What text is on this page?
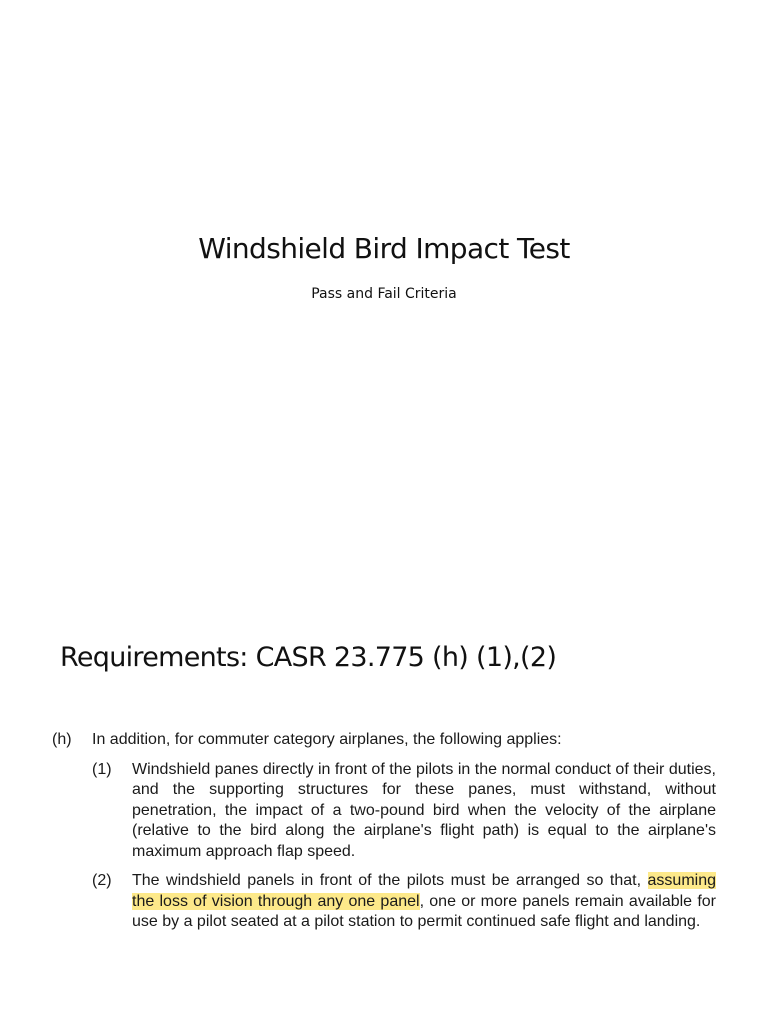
Windshield Bird Impact Test
Pass and Fail Criteria
Requirements: CASR 23.775 (h) (1),(2)
(h)	In addition, for commuter category airplanes, the following applies:
(1)	Windshield panes directly in front of the pilots in the normal conduct of their duties, and the supporting structures for these panes, must withstand, without penetration, the impact of a two-pound bird when the velocity of the airplane (relative to the bird along the airplane's flight path) is equal to the airplane's maximum approach flap speed.
(2)	The windshield panels in front of the pilots must be arranged so that, assuming the loss of vision through any one panel, one or more panels remain available for use by a pilot seated at a pilot station to permit continued safe flight and landing.
